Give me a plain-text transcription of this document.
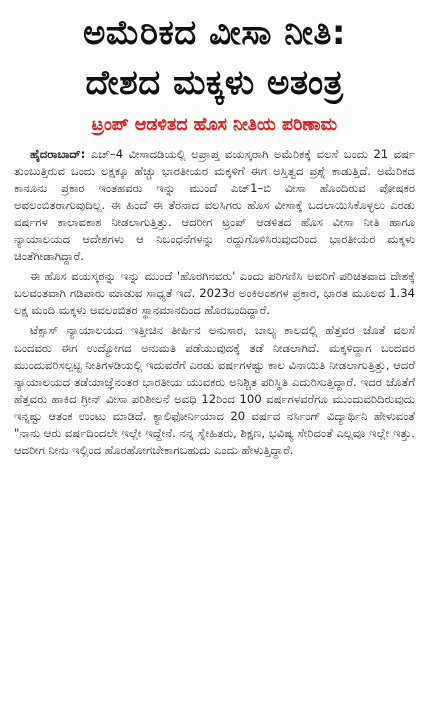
ಅಮೆರಿಕದ ವೀಸಾ ನೀತಿ:
ದೇಶದ ಮಕ್ಕಳು ಅತಂತ್ರ
ಟ್ರಂಪ್ ಆಡಳಿತದ ಹೊಸ ನೀತಿಯ ಪರಿಣಾಮ

ಹೈದರಾಬಾದ್: ಎಚ್–4 ವೀಸಾದಡಿಯಲ್ಲಿ ಅಪ್ರಾಪ್ತ ವಯಸ್ಕರಾಗಿ ಅಮೆರಿಕಕ್ಕೆ ವಲಸೆ ಬಂದು 21 ವರ್ಷ ತುಂಬುತ್ತಿರುವ ಒಂದು ಲಕ್ಷಕ್ಕೂ ಹೆಚ್ಚು ಭಾರತೀಯರ ಮಕ್ಕಳಿಗೆ ಈಗ ಅಸ್ತಿತ್ವದ ಪ್ರಶ್ನೆ ಕಾಡುತ್ತಿದೆ. ಅಮೆರಿಕದ ಕಾನೂನು ಪ್ರಕಾರ ಇಂತಹವರು ಇನ್ನು ಮುಂದೆ ಎಚ್1–ಬಿ ವೀಸಾ ಹೊಂದಿರುವ ಪೋಷಕರ ಅವಲಂಬಿತರಾಗುವುದಿಲ್ಲ. ಈ ಹಿಂದೆ ಈ ತೆರನಾದ ವಲಸಿಗರು ಹೊಸ ವೀಸಾಕ್ಕೆ ಬದಲಾಯಿಸಿಕೊಳ್ಳಲು ಎರಡು ವರ್ಷಗಳ ಕಾಲಾವಕಾಶ ನೀಡಲಾಗುತ್ತಿತ್ತು. ಆದರೀಗ ಟ್ರಂಪ್ ಆಡಳಿತದ ಹೊಸ ವೀಸಾ ನೀತಿ ಹಾಗೂ ನ್ಯಾಯಾಲಯದ ಆದೇಶಗಳು ಆ ನಿಬಂಧನೆಗಳನ್ನು ರದ್ದುಗೊಳಿಸಿರುವುದರಿಂದ ಭಾರತೀಯರ ಮಕ್ಕಳು ಚಿಂತೆಗೀಡಾಗಿದ್ದಾರೆ.

ಈ ಹೊಸ ವಯಸ್ಕರನ್ನು ಇನ್ನು ಮುಂದೆ 'ಹೊರಗಿನವರು' ಎಂದು ಪರಿಗಣಿಸಿ ಅವರಿಗೆ ಪರಿಚಿತವಾದ ದೇಶಕ್ಕೆ ಬಲವಂತವಾಗಿ ಗಡಿಪಾರು ಮಾಡುವ ಸಾಧ್ಯತೆ ಇದೆ. 2023ರ ಅಂಕಿಅಂಶಗಳ ಪ್ರಕಾರ, ಭಾರತ ಮೂಲದ 1.34 ಲಕ್ಷ ಮಂದಿ ಮಕ್ಕಳು ಅವಲಂಬಿತರ ಸ್ಥಾನಮಾನದಿಂದ ಹೊರಬಂದಿದ್ದಾರೆ.

ಟೆಕ್ಸಾಸ್ ನ್ಯಾಯಾಲಯದ ಇತ್ತೀಚಿನ ತೀರ್ಪಿನ ಅನುಸಾರ, ಬಾಲ್ಯ ಕಾಲದಲ್ಲಿ ಹೆತ್ತವರ ಜೊತೆ ವಲಸೆ ಬಂದವರು ಈಗ ಉದ್ಯೋಗದ ಅನುಮತಿ ಪಡೆಯುವುದಕ್ಕೆ ತಡೆ ನೀಡಲಾಗಿದೆ. ಮಕ್ಕಳಿದ್ದಾಗ ಬಂದವರ ಮುಂದುವರಿಸಲ್ಪಟ್ಟ ನೀತಿಗಳಡಿಯಲ್ಲಿ ಇದುವರೆಗೆ ಎರಡು ವರ್ಷಗಳಷ್ಟು ಕಾಲ ವಿನಾಯಿತಿ ನೀಡಲಾಗುತ್ತಿತ್ತು, ಆದರೆ ನ್ಯಾಯಾಲಯದ ತಡೆಯಾಜ್ಞೆನಂತರ ಭಾರತೀಯ ಯುವಕರು ಅನಿಶ್ಚಿತ ಪರಿಸ್ಥಿತಿ ಎದುರಿಸುತ್ತಿದ್ದಾರೆ. ಇದರ ಜೊತೆಗೆ ಹೆತ್ತವರು ಹಾಕಿದ ಗ್ರೀನ್ ವೀಸಾ ಪರಿಶೀಲನೆ ಅವಧಿ 12ರಿಂದ 100 ವರ್ಷಗಳವರೆಗೂ ಮುಂದುವರಿದಿರುವುದು ಇನ್ನಷ್ಟು ಆತಂಕ ಉಂಟು ಮಾಡಿದೆ. ಕ್ಯಾಲಿಫೋರ್ನಿಯಾದ 20 ವರ್ಷದ ನರ್ಸಿಂಗ್ ವಿದ್ಯಾರ್ಥಿನಿ ಹೇಳುವಂತೆ "ನಾನು ಆರು ವರ್ಷದಿಂದಲೇ ಇಲ್ಲೇ ಇದ್ದೇನೆ. ನನ್ನ ಸ್ನೇಹಿತರು, ಶಿಕ್ಷಣ, ಭವಿಷ್ಯ ಸೇರಿದಂತೆ ಎಲ್ಲವೂ ಇಲ್ಲೇ ಇತ್ತು. ಆದರೀಗ ನೀನು ಇಲ್ಲಿಂದ ಹೊರಹೋಗಬೇಕಾಗಬಹುದು ಎಂದು ಹೇಳುತ್ತಿದ್ದಾರೆ.
